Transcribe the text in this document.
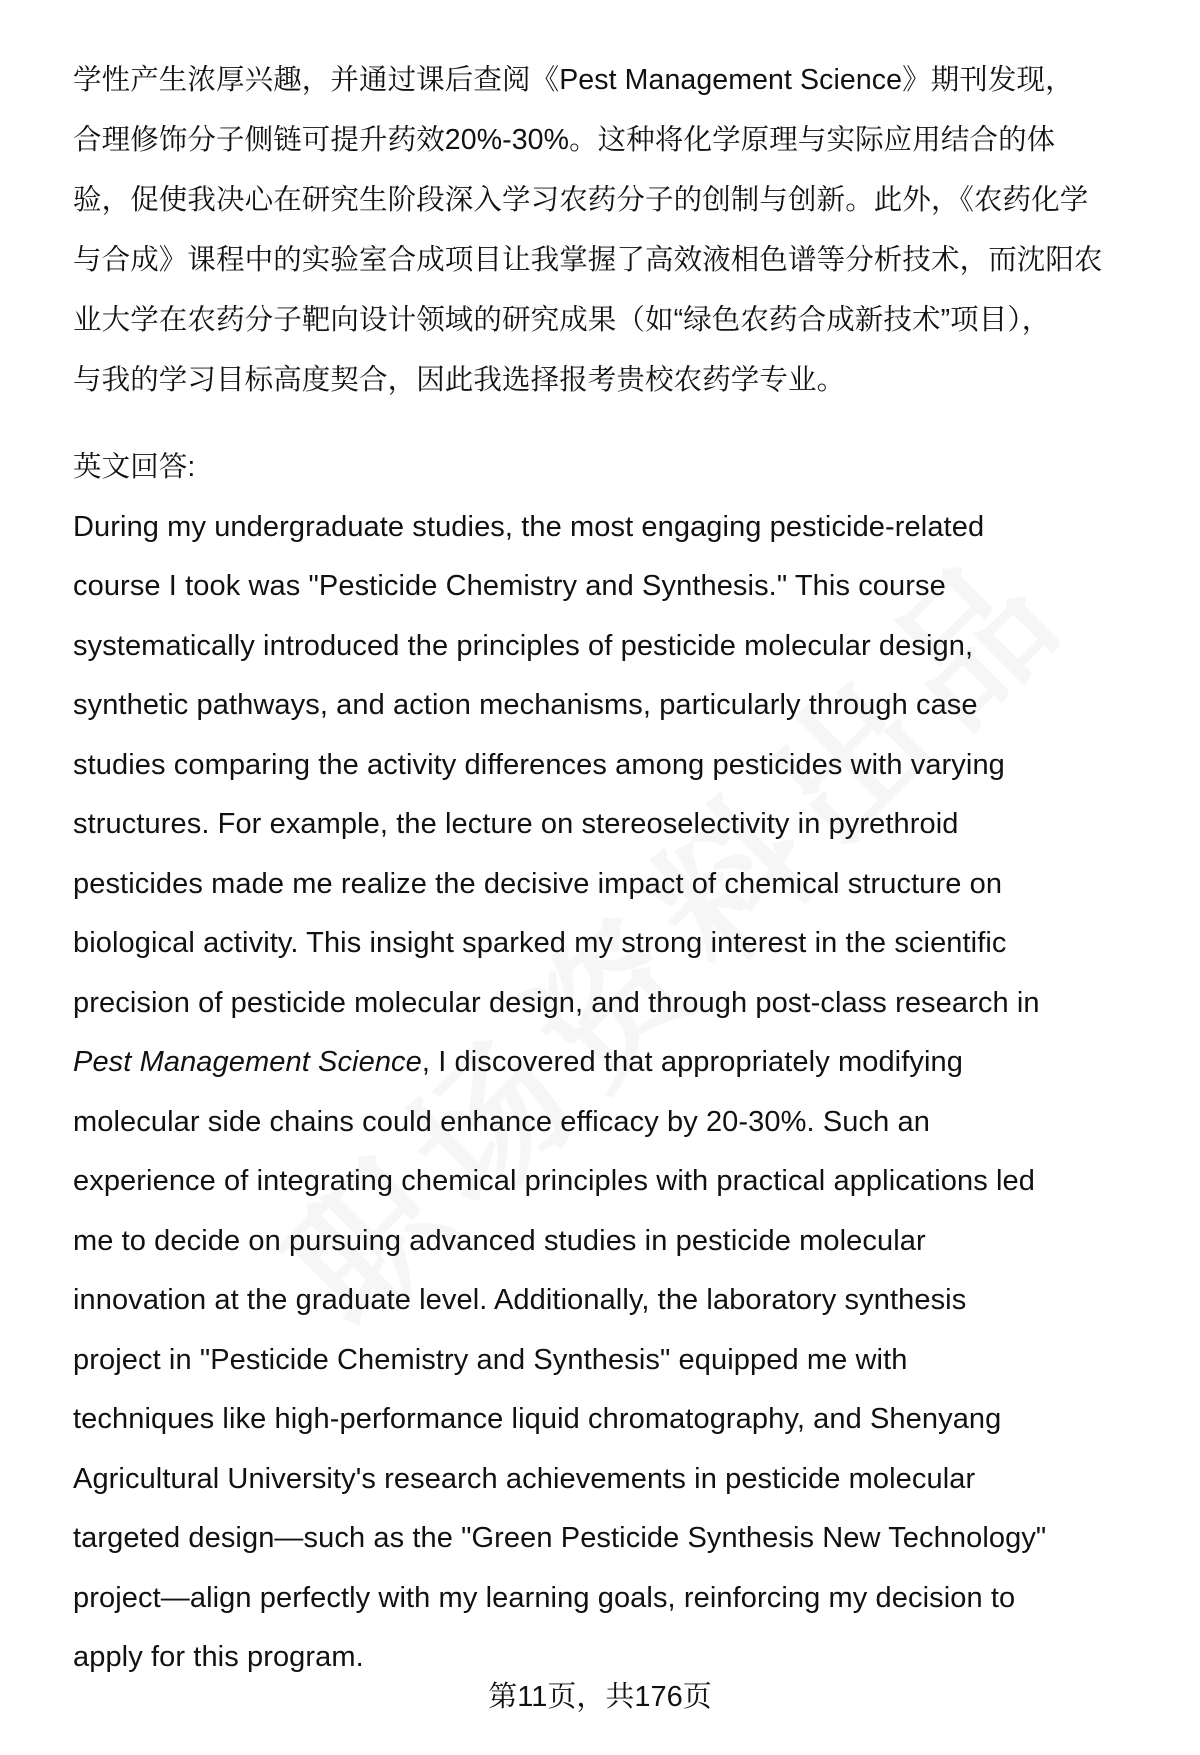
学性产生浓厚兴趣，并通过课后查阅《Pest Management Science》期刊发现，
合理修饰分子侧链可提升药效20%-30%。这种将化学原理与实际应用结合的体
验，促使我决心在研究生阶段深入学习农药分子的创制与创新。此外，《农药化学
与合成》课程中的实验室合成项目让我掌握了高效液相色谱等分析技术，而沈阳农
业大学在农药分子靶向设计领域的研究成果（如“绿色农药合成新技术”项目），
与我的学习目标高度契合，因此我选择报考贵校农药学专业。
英文回答:
During my undergraduate studies, the most engaging pesticide-related
course I took was "Pesticide Chemistry and Synthesis." This course
systematically introduced the principles of pesticide molecular design,
synthetic pathways, and action mechanisms, particularly through case
studies comparing the activity differences among pesticides with varying
structures. For example, the lecture on stereoselectivity in pyrethroid
pesticides made me realize the decisive impact of chemical structure on
biological activity. This insight sparked my strong interest in the scientific
precision of pesticide molecular design, and through post-class research in
Pest Management Science, I discovered that appropriately modifying
molecular side chains could enhance efficacy by 20-30%. Such an
experience of integrating chemical principles with practical applications led
me to decide on pursuing advanced studies in pesticide molecular
innovation at the graduate level. Additionally, the laboratory synthesis
project in "Pesticide Chemistry and Synthesis" equipped me with
techniques like high-performance liquid chromatography, and Shenyang
Agricultural University's research achievements in pesticide molecular
targeted design—such as the "Green Pesticide Synthesis New Technology"
project—align perfectly with my learning goals, reinforcing my decision to
apply for this program.
第11页，共176页
